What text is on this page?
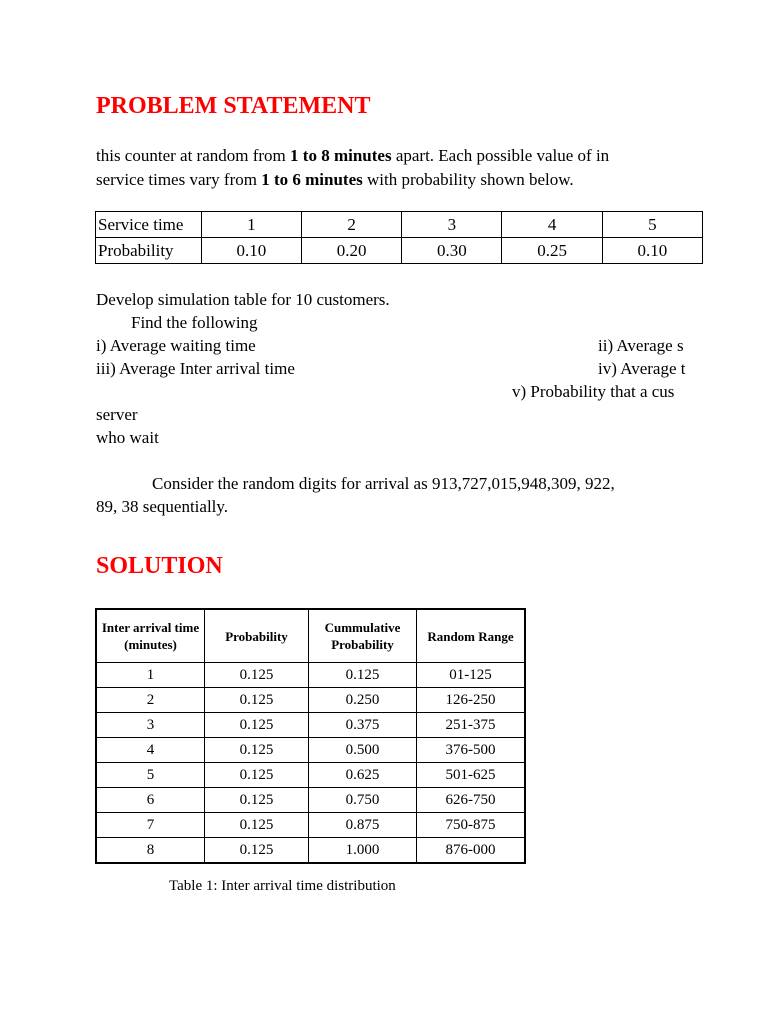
PROBLEM STATEMENT
this counter at random from 1 to 8 minutes apart. Each possible value of in
service times vary from 1 to 6 minutes with probability shown below.
Service time	1	2	3	4	5
Probability	0.10	0.20	0.30	0.25	0.10
Develop simulation table for 10 customers.
Find the following
i) Average waiting time	ii) Average s
iii) Average Inter arrival time	iv) Average t
v) Probability that a cus
server
who wait
Consider the random digits for arrival as 913,727,015,948,309, 922,
89, 38 sequentially.
SOLUTION
Inter arrival time (minutes)	Probability	Cummulative Probability	Random Range
1	0.125	0.125	01-125
2	0.125	0.250	126-250
3	0.125	0.375	251-375
4	0.125	0.500	376-500
5	0.125	0.625	501-625
6	0.125	0.750	626-750
7	0.125	0.875	750-875
8	0.125	1.000	876-000
Table 1: Inter arrival time distribution
